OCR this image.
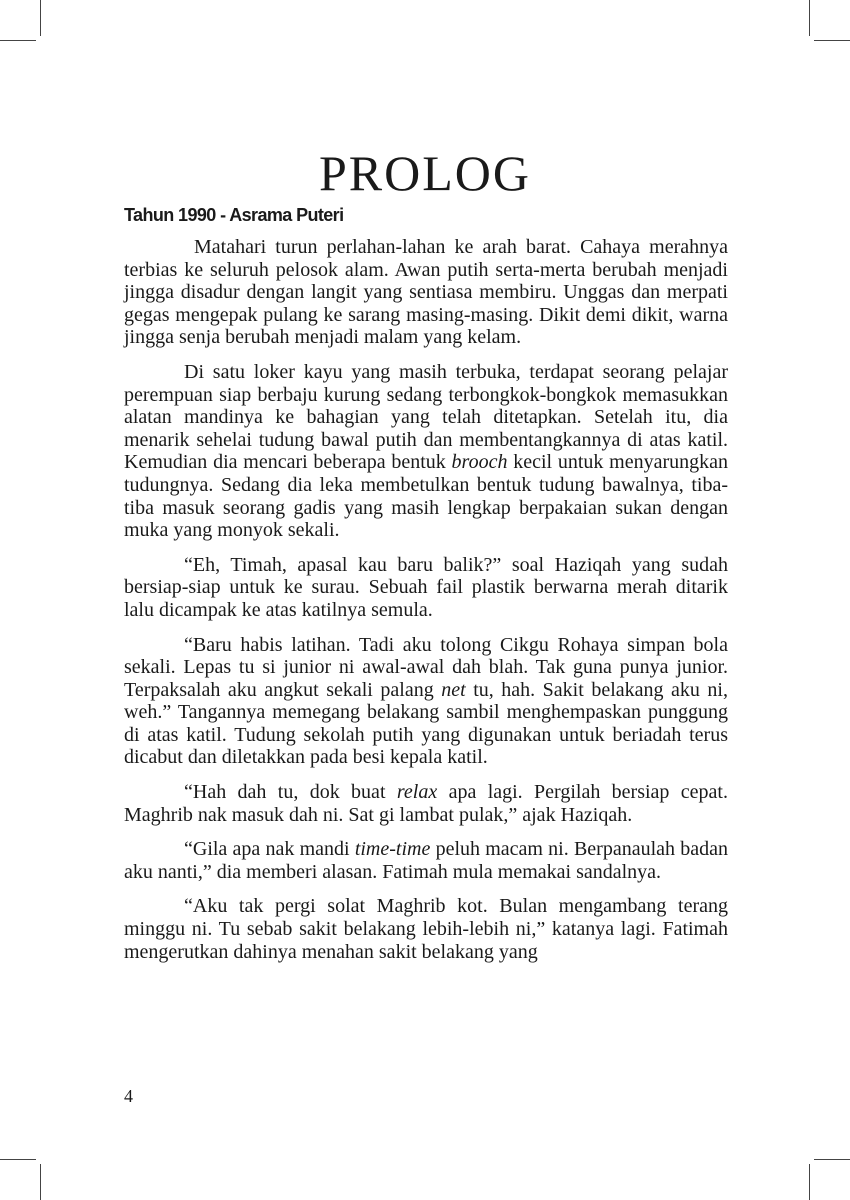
PROLOG
Tahun 1990 - Asrama Puteri

Matahari turun perlahan-lahan ke arah barat. Cahaya merahnya terbias ke seluruh pelosok alam. Awan putih serta-merta berubah menjadi jingga disadur dengan langit yang sentiasa membiru. Unggas dan merpati gegas mengepak pulang ke sarang masing-masing. Dikit demi dikit, warna jingga senja berubah menjadi malam yang kelam.

Di satu loker kayu yang masih terbuka, terdapat seorang pelajar perempuan siap berbaju kurung sedang terbongkok-bongkok memasukkan alatan mandinya ke bahagian yang telah ditetapkan. Setelah itu, dia menarik sehelai tudung bawal putih dan membentangkannya di atas katil. Kemudian dia mencari beberapa bentuk brooch kecil untuk menyarungkan tudungnya. Sedang dia leka membetulkan bentuk tudung bawalnya, tiba-tiba masuk seorang gadis yang masih lengkap berpakaian sukan dengan muka yang monyok sekali.

“Eh, Timah, apasal kau baru balik?” soal Haziqah yang sudah bersiap-siap untuk ke surau. Sebuah fail plastik berwarna merah ditarik lalu dicampak ke atas katilnya semula.

“Baru habis latihan. Tadi aku tolong Cikgu Rohaya simpan bola sekali. Lepas tu si junior ni awal-awal dah blah. Tak guna punya junior. Terpaksalah aku angkut sekali palang net tu, hah. Sakit belakang aku ni, weh.” Tangannya memegang belakang sambil menghempaskan punggung di atas katil. Tudung sekolah putih yang digunakan untuk beriadah terus dicabut dan diletakkan pada besi kepala katil.

“Hah dah tu, dok buat relax apa lagi. Pergilah bersiap cepat. Maghrib nak masuk dah ni. Sat gi lambat pulak,” ajak Haziqah.

“Gila apa nak mandi time-time peluh macam ni. Berpanaulah badan aku nanti,” dia memberi alasan. Fatimah mula memakai sandalnya.

“Aku tak pergi solat Maghrib kot. Bulan mengambang terang minggu ni. Tu sebab sakit belakang lebih-lebih ni,” katanya lagi. Fatimah mengerutkan dahinya menahan sakit belakang yang

4
